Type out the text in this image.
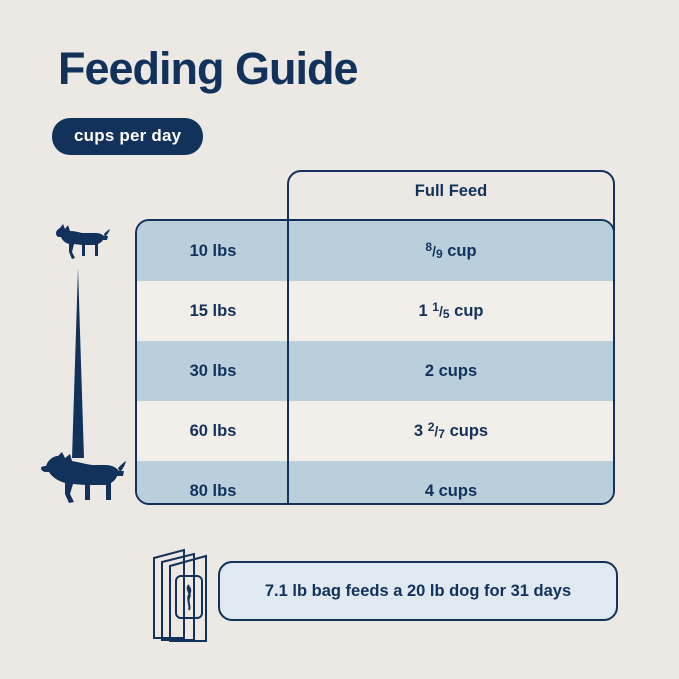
Feeding Guide
cups per day
Full Feed
10 lbs	8/9 cup
15 lbs	1 1/5 cup
30 lbs	2 cups
60 lbs	3 2/7 cups
80 lbs	4 cups
7.1 lb bag feeds a 20 lb dog for 31 days
